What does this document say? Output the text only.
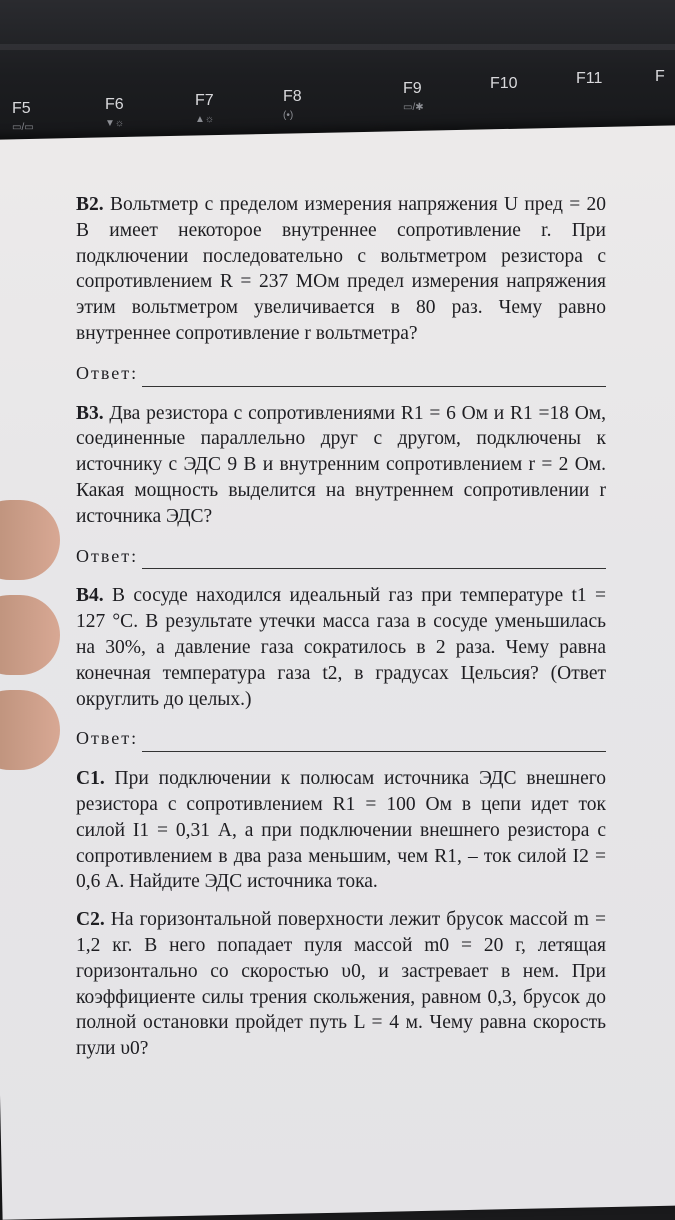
F5
▭/▭
F6
▼☼
F7
▲☼
F8
(•)
F9
▭/✱
F10	F11	F

B2. Вольтметр с пределом измерения напряжения U пред = 20 В имеет некоторое внутреннее сопротивление r. При подключении последовательно с вольтметром резистора с сопротивлением R = 237 МОм предел измерения напряжения этим вольтметром увеличивается в 80 раз. Чему равно внутреннее сопротивление r вольтметра?

Ответ:

B3. Два резистора с сопротивлениями R1 = 6 Ом и R1 =18 Ом, соединенные параллельно друг с другом, подключены к источнику с ЭДС 9 В и внутренним сопротивлением r = 2 Ом. Какая мощность выделится на внутреннем сопротивлении r источника ЭДС?

Ответ:

B4. В сосуде находился идеальный газ при температуре t1 = 127 °С. В результате утечки масса газа в сосуде уменьшилась на 30%, а давление газа сократилось в 2 раза. Чему равна конечная температура газа t2, в градусах Цельсия? (Ответ округлить до целых.)

Ответ:

C1. При подключении к полюсам источника ЭДС внешнего резистора с сопротивлением R1 = 100 Ом в цепи идет ток силой I1 = 0,31 А, а при подключении внешнего резистора с сопротивлением в два раза меньшим, чем R1, – ток силой I2 = 0,6 А. Найдите ЭДС источника тока.

C2. На горизонтальной поверхности лежит брусок массой m = 1,2 кг. В него попадает пуля массой m0 = 20 г, летящая горизонтально со скоростью υ0, и застревает в нем. При коэффициенте силы трения скольжения, равном 0,3, брусок до полной остановки пройдет путь L = 4 м. Чему равна скорость пули υ0?
